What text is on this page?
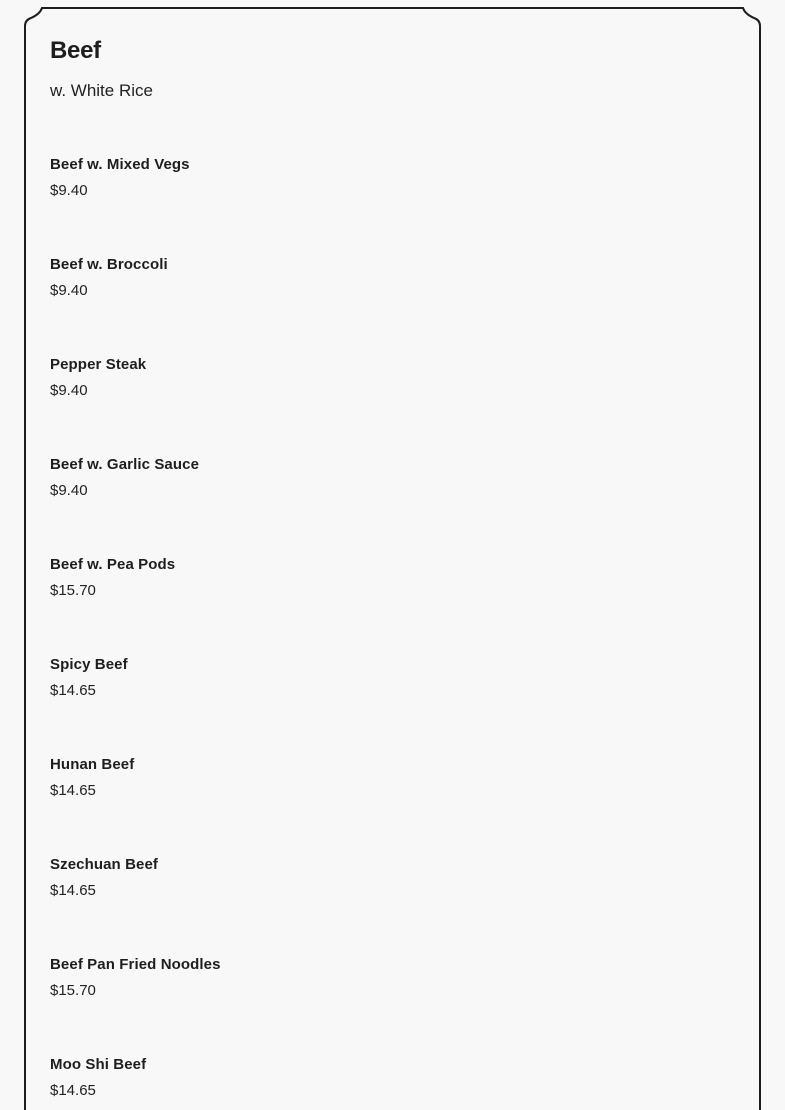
Beef

w. White Rice

Beef w. Mixed Vegs
$9.40
Beef w. Broccoli
$9.40
Pepper Steak
$9.40
Beef w. Garlic Sauce
$9.40
Beef w. Pea Pods
$15.70
Spicy Beef
$14.65
Hunan Beef
$14.65
Szechuan Beef
$14.65
Beef Pan Fried Noodles
$15.70
Moo Shi Beef
$14.65
